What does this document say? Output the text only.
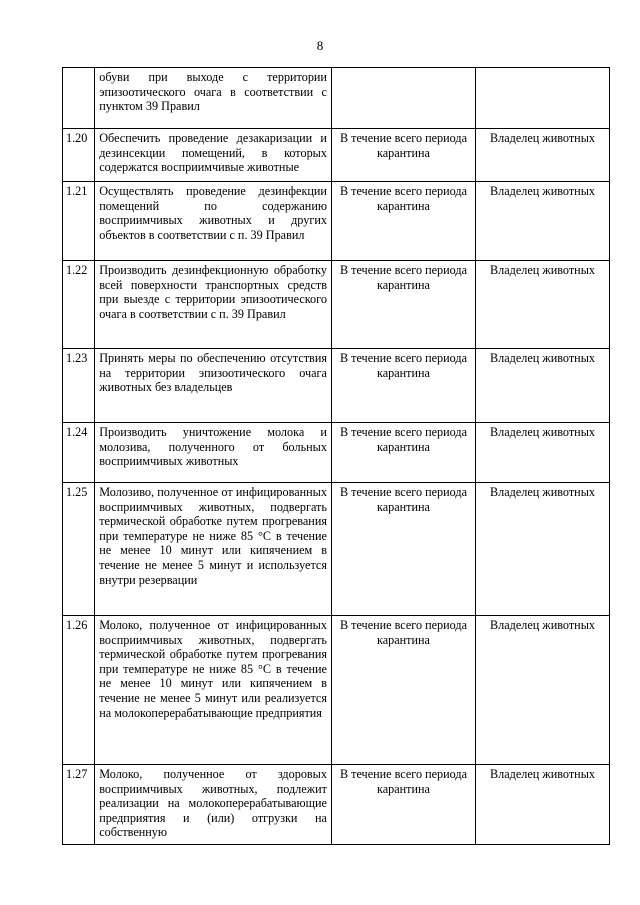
8
	обуви при выходе с территории эпизоотического очага в соответствии с пунктом 39 Правил		
1.20	Обеспечить проведение дезакаризации и дезинсекции помещений, в которых содержатся восприимчивые животные	В течение всего периода карантина	Владелец животных
1.21	Осуществлять проведение дезинфекции помещений по содержанию восприимчивых животных и других объектов в соответствии с п. 39 Правил	В течение всего периода карантина	Владелец животных
1.22	Производить дезинфекционную обработку всей поверхности транспортных средств при выезде с территории эпизоотического очага в соответствии с п. 39 Правил	В течение всего периода карантина	Владелец животных
1.23	Принять меры по обеспечению отсутствия на территории эпизоотического очага животных без владельцев	В течение всего периода карантина	Владелец животных
1.24	Производить уничтожение молока и молозива, полученного от больных восприимчивых животных	В течение всего периода карантина	Владелец животных
1.25	Молозиво, полученное от инфицированных восприимчивых животных, подвергать термической обработке путем прогревания при температуре не ниже 85 °С в течение не менее 10 минут или кипячением в течение не менее 5 минут и используется внутри резервации	В течение всего периода карантина	Владелец животных
1.26	Молоко, полученное от инфицированных восприимчивых животных, подвергать термической обработке путем прогревания при температуре не ниже 85 °С в течение не менее 10 минут или кипячением в течение не менее 5 минут или реализуется на молокоперерабатывающие предприятия	В течение всего периода карантина	Владелец животных
1.27	Молоко, полученное от здоровых восприимчивых животных, подлежит реализации на молокоперерабатывающие предприятия и (или) отгрузки на собственную	В течение всего периода карантина	Владелец животных
